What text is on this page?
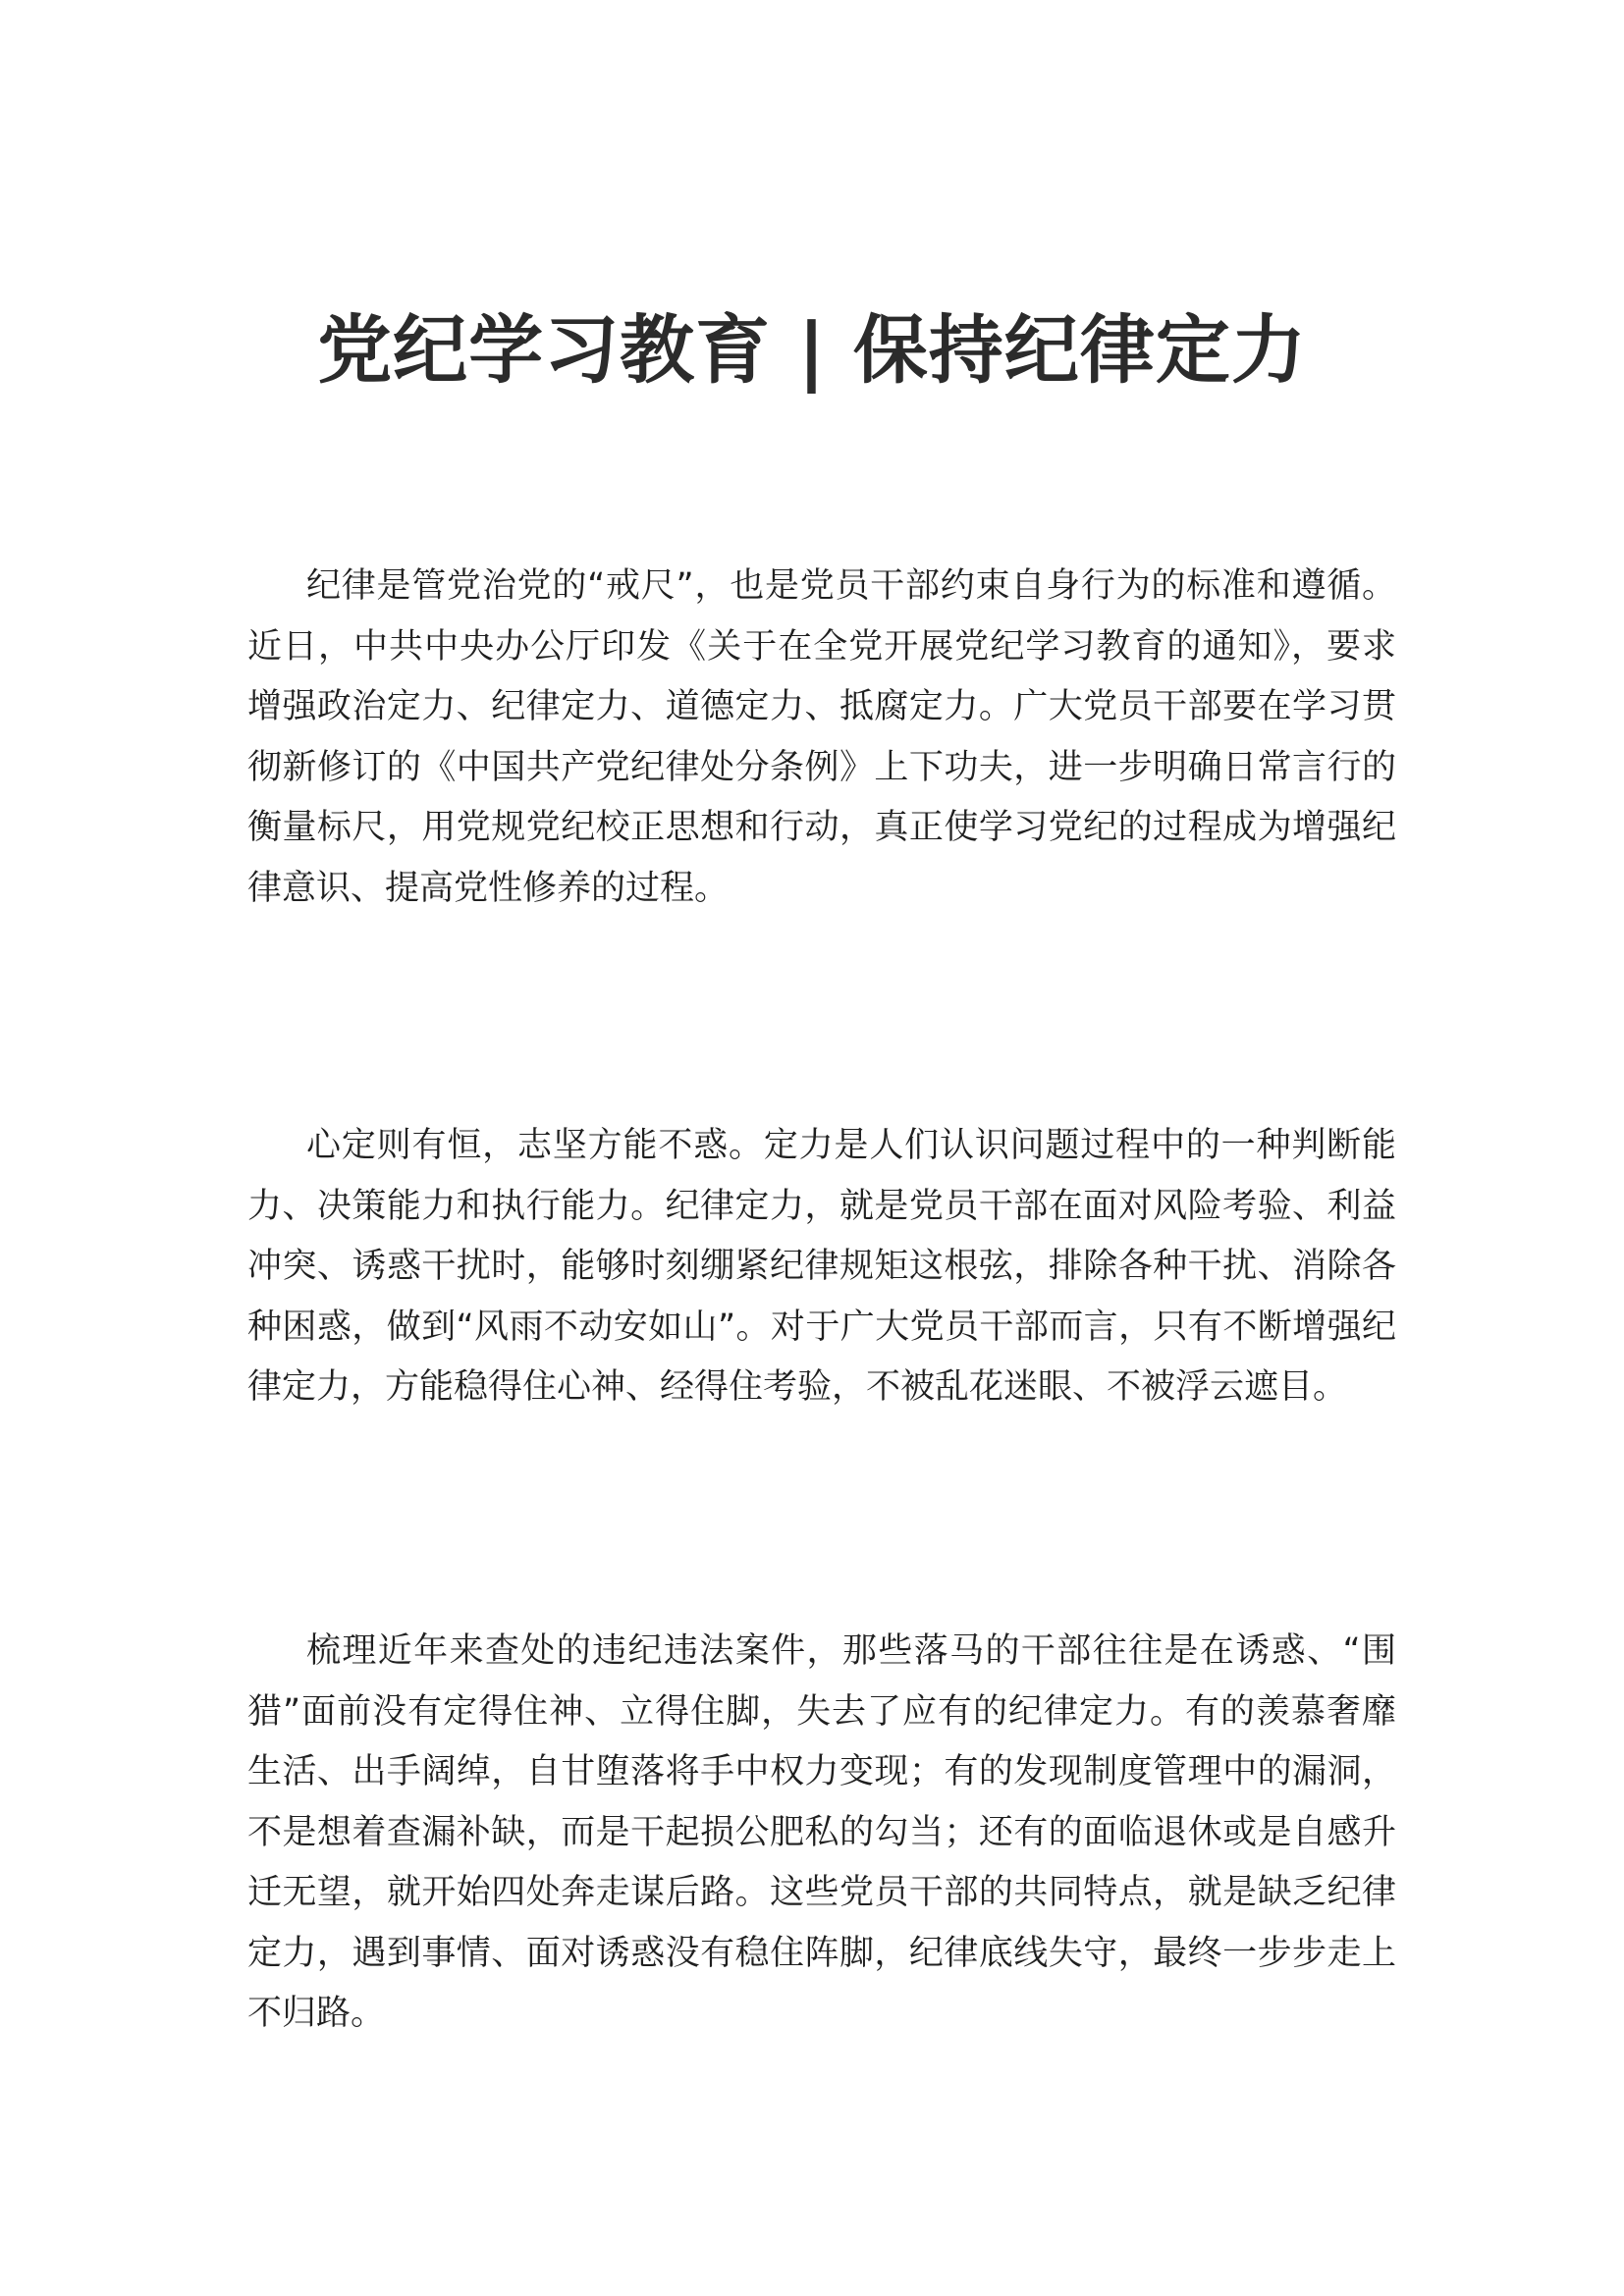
党纪学习教育 | 保持纪律定力

纪律是管党治党的“戒尺”，也是党员干部约束自身行为的标准和遵循。近日，中共中央办公厅印发《关于在全党开展党纪学习教育的通知》，要求增强政治定力、纪律定力、道德定力、抵腐定力。广大党员干部要在学习贯彻新修订的《中国共产党纪律处分条例》上下功夫，进一步明确日常言行的衡量标尺，用党规党纪校正思想和行动，真正使学习党纪的过程成为增强纪律意识、提高党性修养的过程。

心定则有恒，志坚方能不惑。定力是人们认识问题过程中的一种判断能力、决策能力和执行能力。纪律定力，就是党员干部在面对风险考验、利益冲突、诱惑干扰时，能够时刻绷紧纪律规矩这根弦，排除各种干扰、消除各种困惑，做到“风雨不动安如山”。对于广大党员干部而言，只有不断增强纪律定力，方能稳得住心神、经得住考验，不被乱花迷眼、不被浮云遮目。

梳理近年来查处的违纪违法案件，那些落马的干部往往是在诱惑、“围猎”面前没有定得住神、立得住脚，失去了应有的纪律定力。有的羡慕奢靡生活、出手阔绰，自甘堕落将手中权力变现；有的发现制度管理中的漏洞，不是想着查漏补缺，而是干起损公肥私的勾当；还有的面临退休或是自感升迁无望，就开始四处奔走谋后路。这些党员干部的共同特点，就是缺乏纪律定力，遇到事情、面对诱惑没有稳住阵脚，纪律底线失守，最终一步步走上不归路。
